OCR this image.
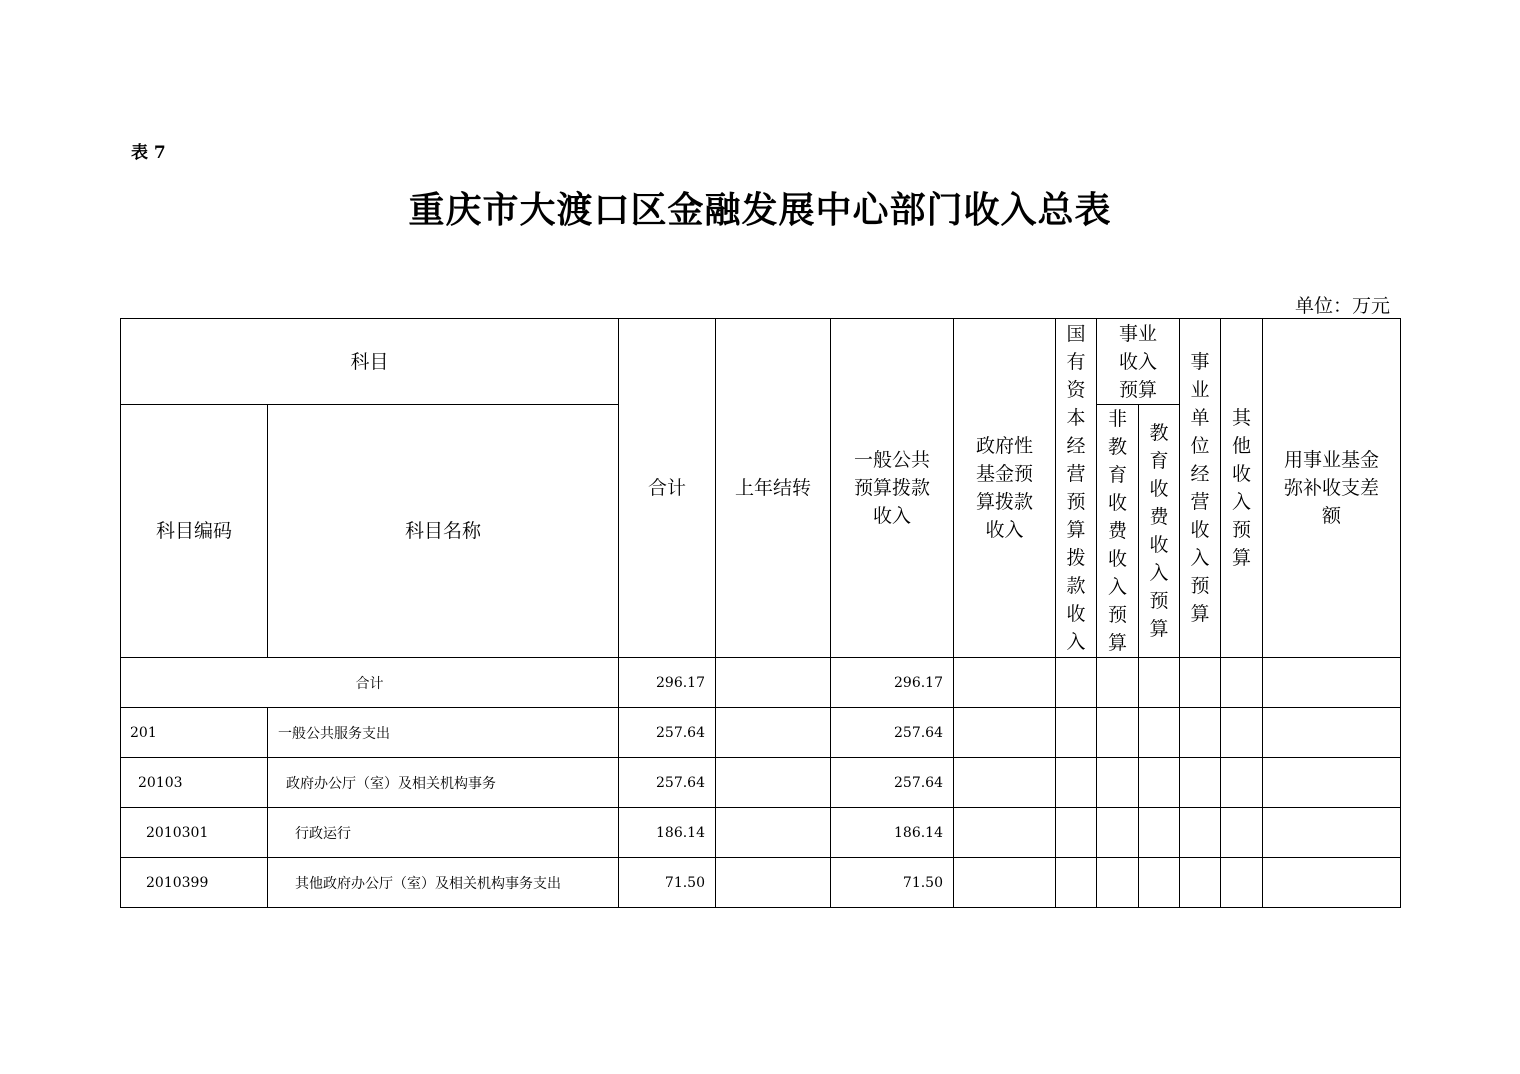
表 7
重庆市大渡口区金融发展中心部门收入总表
单位：万元
科目		合计	上年结转	一般公共预算拨款收入	政府性基金预算拨款收入	国有资本经营预算拨款收入	事业收入预算		事业单位经营收入预算	其他收入预算	用事业基金弥补收支差额

科目编码	科目名称						非教育收费收入预算	教育收费收入预算			

合计		296.17		296.17							
201	一般公共服务支出	257.64		257.64							
20103	政府办公厅（室）及相关机构事务	257.64		257.64							
2010301	行政运行	186.14		186.14							
2010399	其他政府办公厅（室）及相关机构事务支出	71.50		71.50							
